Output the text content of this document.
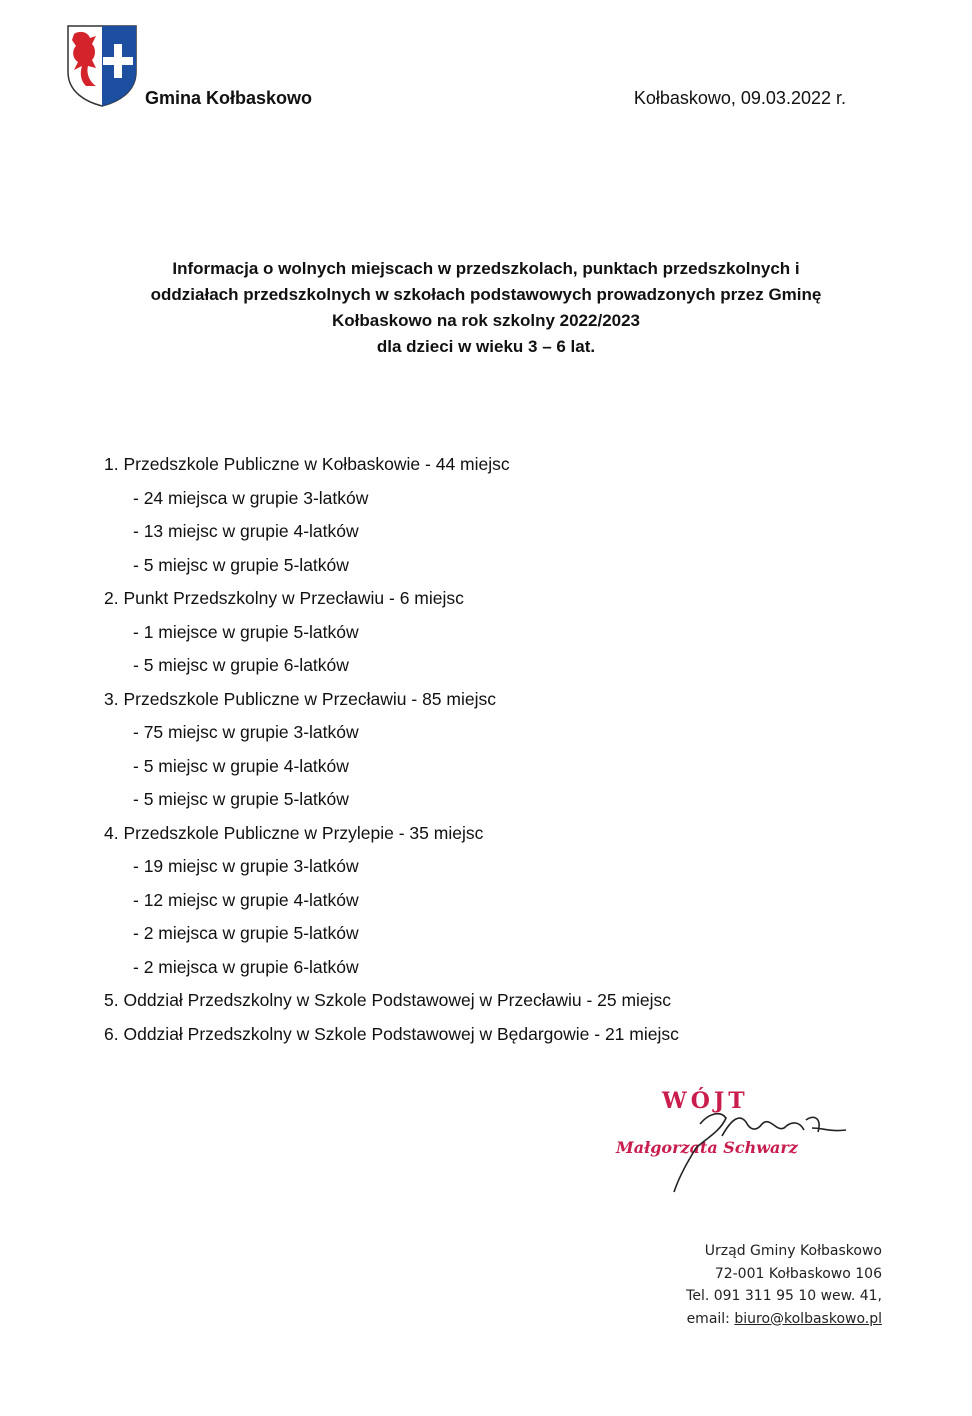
Gmina Kołbaskowo	Kołbaskowo, 09.03.2022 r.
Informacja o wolnych miejscach w przedszkolach, punktach przedszkolnych i
oddziałach przedszkolnych w szkołach podstawowych prowadzonych przez Gminę
Kołbaskowo na rok szkolny 2022/2023
dla dzieci w wieku 3 – 6 lat.
1. Przedszkole Publiczne w Kołbaskowie - 44 miejsc
- 24 miejsca w grupie 3-latków
- 13 miejsc w grupie 4-latków
- 5 miejsc w grupie 5-latków
2. Punkt Przedszkolny w Przecławiu - 6 miejsc
- 1 miejsce w grupie 5-latków
- 5 miejsc w grupie 6-latków
3. Przedszkole Publiczne w Przecławiu - 85 miejsc
- 75 miejsc w grupie 3-latków
- 5 miejsc w grupie 4-latków
- 5 miejsc w grupie 5-latków
4. Przedszkole Publiczne w Przylepie - 35 miejsc
- 19 miejsc w grupie 3-latków
- 12 miejsc w grupie 4-latków
- 2 miejsca w grupie 5-latków
- 2 miejsca w grupie 6-latków
5. Oddział Przedszkolny w Szkole Podstawowej w Przecławiu - 25 miejsc
6. Oddział Przedszkolny w Szkole Podstawowej w Będargowie - 21 miejsc
WÓJT
Małgorzata Schwarz
Urząd Gminy Kołbaskowo
72-001 Kołbaskowo 106
Tel. 091 311 95 10 wew. 41,
email: biuro@kolbaskowo.pl
